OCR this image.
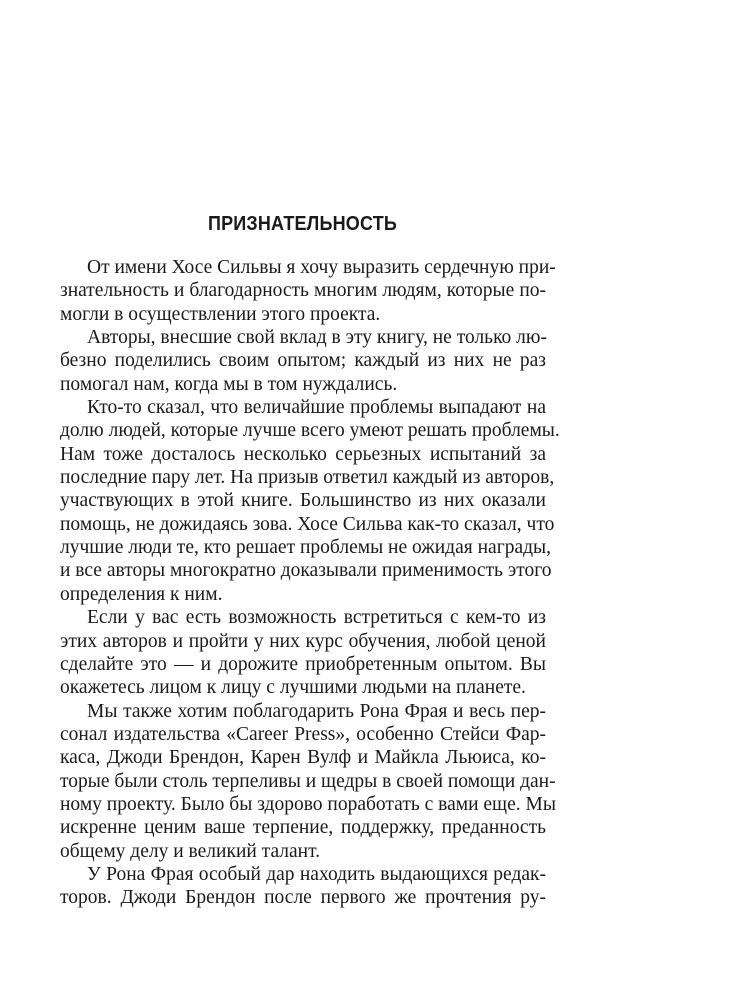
ПРИЗНАТЕЛЬНОСТЬ
От имени Хосе Сильвы я хочу выразить сердечную при-
знательность и благодарность многим людям, которые по-
могли в осуществлении этого проекта.
Авторы, внесшие свой вклад в эту книгу, не только лю-
безно поделились своим опытом; каждый из них не раз
помогал нам, когда мы в том нуждались.
Кто-то сказал, что величайшие проблемы выпадают на
долю людей, которые лучше всего умеют решать проблемы.
Нам тоже досталось несколько серьезных испытаний за
последние пару лет. На призыв ответил каждый из авторов,
участвующих в этой книге. Большинство из них оказали
помощь, не дожидаясь зова. Хосе Сильва как-то сказал, что
лучшие люди те, кто решает проблемы не ожидая награды,
и все авторы многократно доказывали применимость этого
определения к ним.
Если у вас есть возможность встретиться с кем-то из
этих авторов и пройти у них курс обучения, любой ценой
сделайте это — и дорожите приобретенным опытом. Вы
окажетесь лицом к лицу с лучшими людьми на планете.
Мы также хотим поблагодарить Рона Фрая и весь пер-
сонал издательства «Career Press», особенно Стейси Фар-
каса, Джоди Брендон, Карен Вулф и Майкла Льюиса, ко-
торые были столь терпеливы и щедры в своей помощи дан-
ному проекту. Было бы здорово поработать с вами еще. Мы
искренне ценим ваше терпение, поддержку, преданность
общему делу и великий талант.
У Рона Фрая особый дар находить выдающихся редак-
торов. Джоди Брендон после первого же прочтения ру-
